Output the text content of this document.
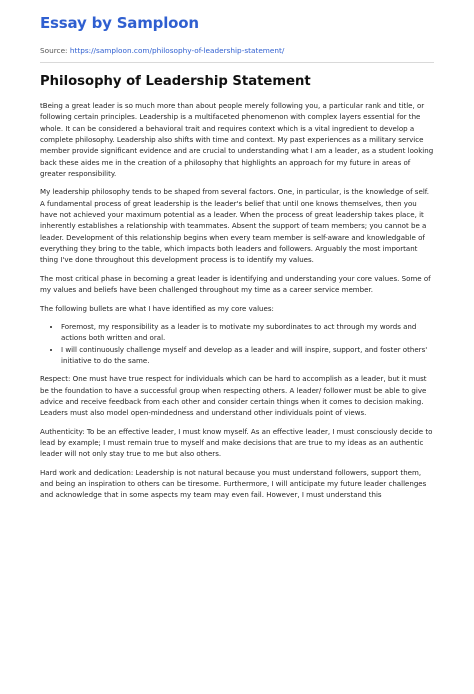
Essay by Samploon
Source: https://samploon.com/philosophy-of-leadership-statement/
Philosophy of Leadership Statement

tBeing a great leader is so much more than about people merely following you, a particular rank and title, or following certain principles. Leadership is a multifaceted phenomenon with complex layers essential for the whole. It can be considered a behavioral trait and requires context which is a vital ingredient to develop a complete philosophy. Leadership also shifts with time and context. My past experiences as a military service member provide significant evidence and are crucial to understanding what I am a leader, as a student looking back these aides me in the creation of a philosophy that highlights an approach for my future in areas of greater responsibility.

My leadership philosophy tends to be shaped from several factors. One, in particular, is the knowledge of self. A fundamental process of great leadership is the leader's belief that until one knows themselves, then you have not achieved your maximum potential as a leader. When the process of great leadership takes place, it inherently establishes a relationship with teammates. Absent the support of team members; you cannot be a leader. Development of this relationship begins when every team member is self-aware and knowledgable of everything they bring to the table, which impacts both leaders and followers. Arguably the most important thing I've done throughout this development process is to identify my values.

The most critical phase in becoming a great leader is identifying and understanding your core values. Some of my values and beliefs have been challenged throughout my time as a career service member.

The following bullets are what I have identified as my core values:

• Foremost, my responsibility as a leader is to motivate my subordinates to act through my words and actions both written and oral.
• I will continuously challenge myself and develop as a leader and will inspire, support, and foster others' initiative to do the same.

Respect: One must have true respect for individuals which can be hard to accomplish as a leader, but it must be the foundation to have a successful group when respecting others. A leader/ follower must be able to give advice and receive feedback from each other and consider certain things when it comes to decision making. Leaders must also model open-mindedness and understand other individuals point of views.

Authenticity: To be an effective leader, I must know myself. As an effective leader, I must consciously decide to lead by example; I must remain true to myself and make decisions that are true to my ideas as an authentic leader will not only stay true to me but also others.

Hard work and dedication: Leadership is not natural because you must understand followers, support them, and being an inspiration to others can be tiresome. Furthermore, I will anticipate my future leader challenges and acknowledge that in some aspects my team may even fail. However, I must understand this
